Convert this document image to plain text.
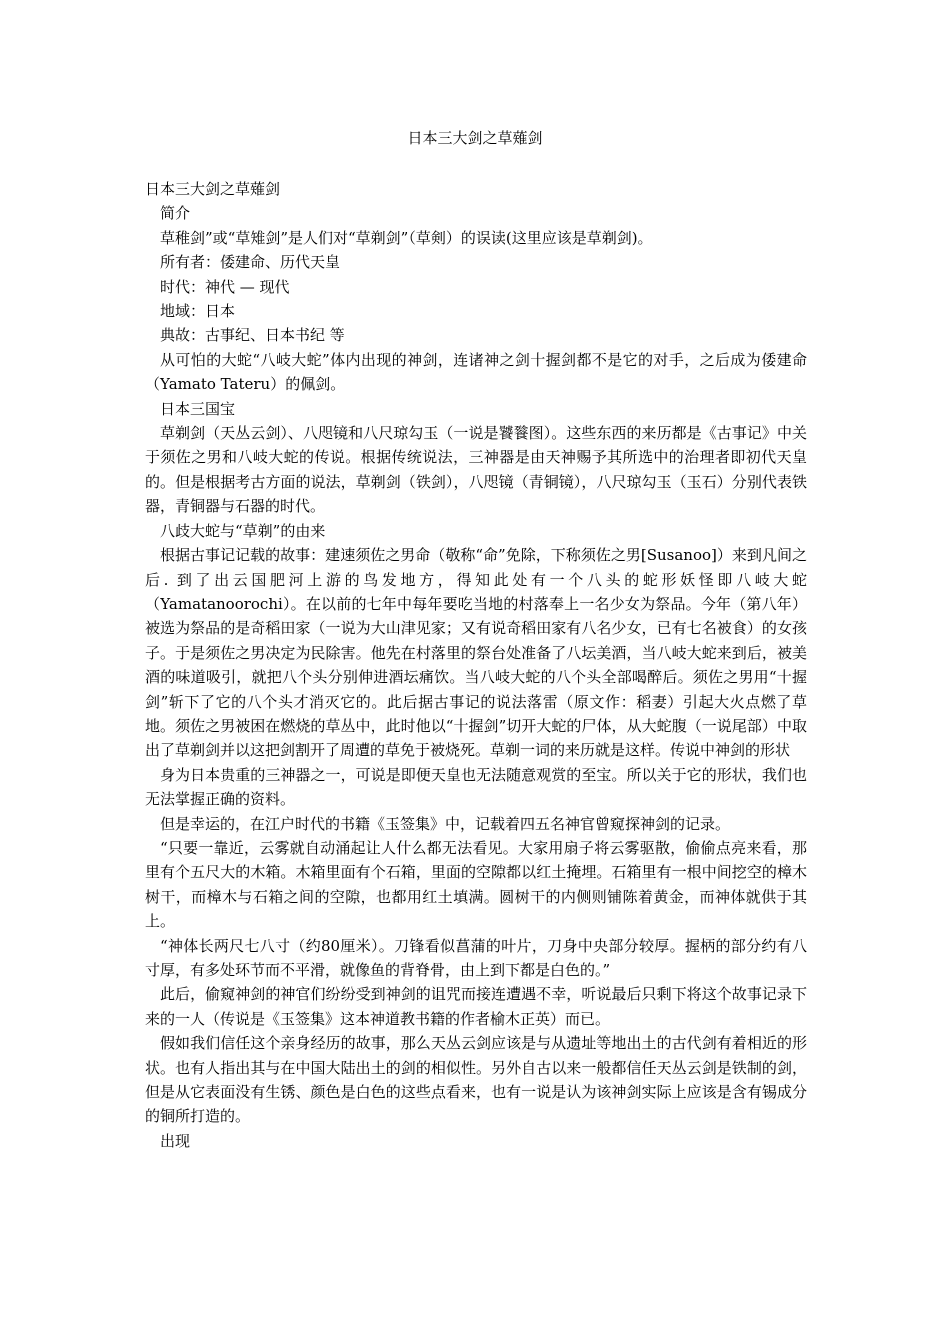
日本三大剑之草薙剑

日本三大剑之草薙剑

简介

草稚剑”或“草雉剑”是人们对“草剃剑”（草剣）的误读(这里应该是草剃剑)。

所有者：倭建命、历代天皇

时代：神代 — 现代

地域：日本

典故：古事纪、日本书纪 等

从可怕的大蛇“八岐大蛇”体内出现的神剑，连诸神之剑十握剑都不是它的对手，之后成为倭建命（Yamato Tateru）的佩剑。

日本三国宝

草剃剑（天丛云剑）、八咫镜和八尺琼勾玉（一说是饕餮图）。这些东西的来历都是《古事记》中关于须佐之男和八岐大蛇的传说。根据传统说法，三神器是由天神赐予其所选中的治理者即初代天皇的。但是根据考古方面的说法，草剃剑（铁剑），八咫镜（青铜镜），八尺琼勾玉（玉石）分别代表铁器，青铜器与石器的时代。

八歧大蛇与“草剃”的由来

根据古事记记载的故事：建速须佐之男命（敬称“命”免除，下称须佐之男[Susanoo]）来到凡间之后. 到了出云国肥河上游的鸟发地方，得知此处有一个八头的蛇形妖怪即八岐大蛇（Yamatanoorochi）。在以前的七年中每年要吃当地的村落奉上一名少女为祭品。今年（第八年）被选为祭品的是奇稻田家（一说为大山津见家；又有说奇稻田家有八名少女，已有七名被食）的女孩子。于是须佐之男决定为民除害。他先在村落里的祭台处准备了八坛美酒，当八岐大蛇来到后，被美酒的味道吸引，就把八个头分别伸进酒坛痛饮。当八岐大蛇的八个头全部喝醉后。须佐之男用“十握剑”斩下了它的八个头才消灭它的。此后据古事记的说法落雷（原文作：稻妻）引起大火点燃了草地。须佐之男被困在燃烧的草丛中，此时他以“十握剑”切开大蛇的尸体，从大蛇腹（一说尾部）中取出了草剃剑并以这把剑割开了周遭的草免于被烧死。草剃一词的来历就是这样。传说中神剑的形状

身为日本贵重的三神器之一，可说是即便天皇也无法随意观赏的至宝。所以关于它的形状，我们也无法掌握正确的资料。

但是幸运的，在江户时代的书籍《玉签集》中，记载着四五名神官曾窥探神剑的记录。

“只要一靠近，云雾就自动涌起让人什么都无法看见。大家用扇子将云雾驱散，偷偷点亮来看，那里有个五尺大的木箱。木箱里面有个石箱，里面的空隙都以红土掩埋。石箱里有一根中间挖空的樟木树干，而樟木与石箱之间的空隙，也都用红土填满。圆树干的内侧则铺陈着黄金，而神体就供于其上。

“神体长两尺七八寸（约80厘米）。刀锋看似菖蒲的叶片，刀身中央部分较厚。握柄的部分约有八寸厚，有多处环节而不平滑，就像鱼的背脊骨，由上到下都是白色的。”

此后，偷窥神剑的神官们纷纷受到神剑的诅咒而接连遭遇不幸，听说最后只剩下将这个故事记录下来的一人（传说是《玉签集》这本神道教书籍的作者榆木正英）而已。

假如我们信任这个亲身经历的故事，那么天丛云剑应该是与从遗址等地出土的古代剑有着相近的形状。也有人指出其与在中国大陆出土的剑的相似性。另外自古以来一般都信任天丛云剑是铁制的剑，但是从它表面没有生锈、颜色是白色的这些点看来，也有一说是认为该神剑实际上应该是含有锡成分的铜所打造的。

出现
